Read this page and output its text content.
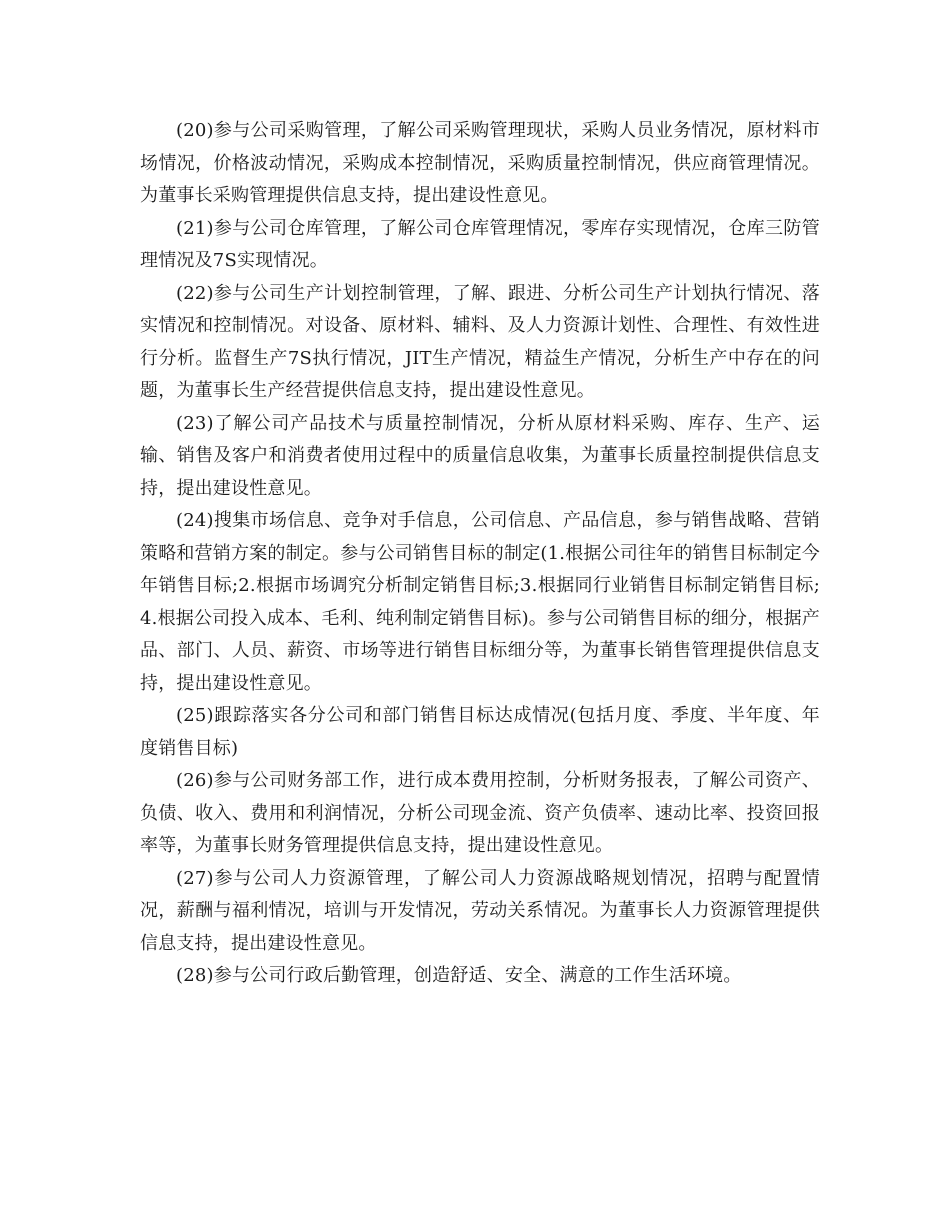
(20)参与公司采购管理，了解公司采购管理现状，采购人员业务情况，原材料市场情况，价格波动情况，采购成本控制情况，采购质量控制情况，供应商管理情况。为董事长采购管理提供信息支持，提出建设性意见。

(21)参与公司仓库管理，了解公司仓库管理情况，零库存实现情况，仓库三防管理情况及7S实现情况。

(22)参与公司生产计划控制管理，了解、跟进、分析公司生产计划执行情况、落实情况和控制情况。对设备、原材料、辅料、及人力资源计划性、合理性、有效性进行分析。监督生产7S执行情况，JIT生产情况，精益生产情况，分析生产中存在的问题，为董事长生产经营提供信息支持，提出建设性意见。

(23)了解公司产品技术与质量控制情况，分析从原材料采购、库存、生产、运输、销售及客户和消费者使用过程中的质量信息收集，为董事长质量控制提供信息支持，提出建设性意见。

(24)搜集市场信息、竞争对手信息，公司信息、产品信息，参与销售战略、营销策略和营销方案的制定。参与公司销售目标的制定(1.根据公司往年的销售目标制定今年销售目标;2.根据市场调究分析制定销售目标;3.根据同行业销售目标制定销售目标;4.根据公司投入成本、毛利、纯利制定销售目标)。参与公司销售目标的细分，根据产品、部门、人员、薪资、市场等进行销售目标细分等，为董事长销售管理提供信息支持，提出建设性意见。

(25)跟踪落实各分公司和部门销售目标达成情况(包括月度、季度、半年度、年度销售目标)

(26)参与公司财务部工作，进行成本费用控制，分析财务报表，了解公司资产、负债、收入、费用和利润情况，分析公司现金流、资产负债率、速动比率、投资回报率等，为董事长财务管理提供信息支持，提出建设性意见。

(27)参与公司人力资源管理，了解公司人力资源战略规划情况，招聘与配置情况，薪酬与福利情况，培训与开发情况，劳动关系情况。为董事长人力资源管理提供信息支持，提出建设性意见。

(28)参与公司行政后勤管理，创造舒适、安全、满意的工作生活环境。
